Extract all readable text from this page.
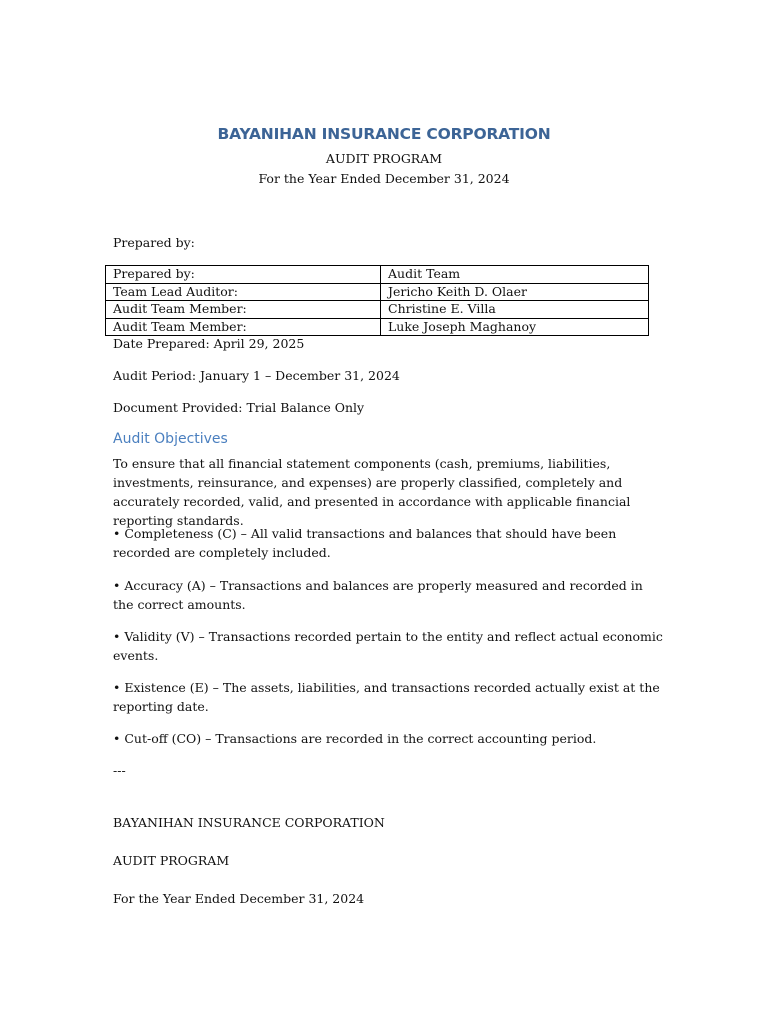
BAYANIHAN INSURANCE CORPORATION
AUDIT PROGRAM
For the Year Ended December 31, 2024
Prepared by:
Prepared by:	Audit Team
Team Lead Auditor:	Jericho Keith D. Olaer
Audit Team Member:	Christine E. Villa
Audit Team Member:	Luke Joseph Maghanoy
Date Prepared: April 29, 2025
Audit Period: January 1 – December 31, 2024
Document Provided: Trial Balance Only
Audit Objectives
To ensure that all financial statement components (cash, premiums, liabilities, investments, reinsurance, and expenses) are properly classified, completely and accurately recorded, valid, and presented in accordance with applicable financial reporting standards.
• Completeness (C) – All valid transactions and balances that should have been recorded are completely included.
• Accuracy (A) – Transactions and balances are properly measured and recorded in the correct amounts.
• Validity (V) – Transactions recorded pertain to the entity and reflect actual economic events.
• Existence (E) – The assets, liabilities, and transactions recorded actually exist at the reporting date.
• Cut-off (CO) – Transactions are recorded in the correct accounting period.
---
BAYANIHAN INSURANCE CORPORATION
AUDIT PROGRAM
For the Year Ended December 31, 2024
